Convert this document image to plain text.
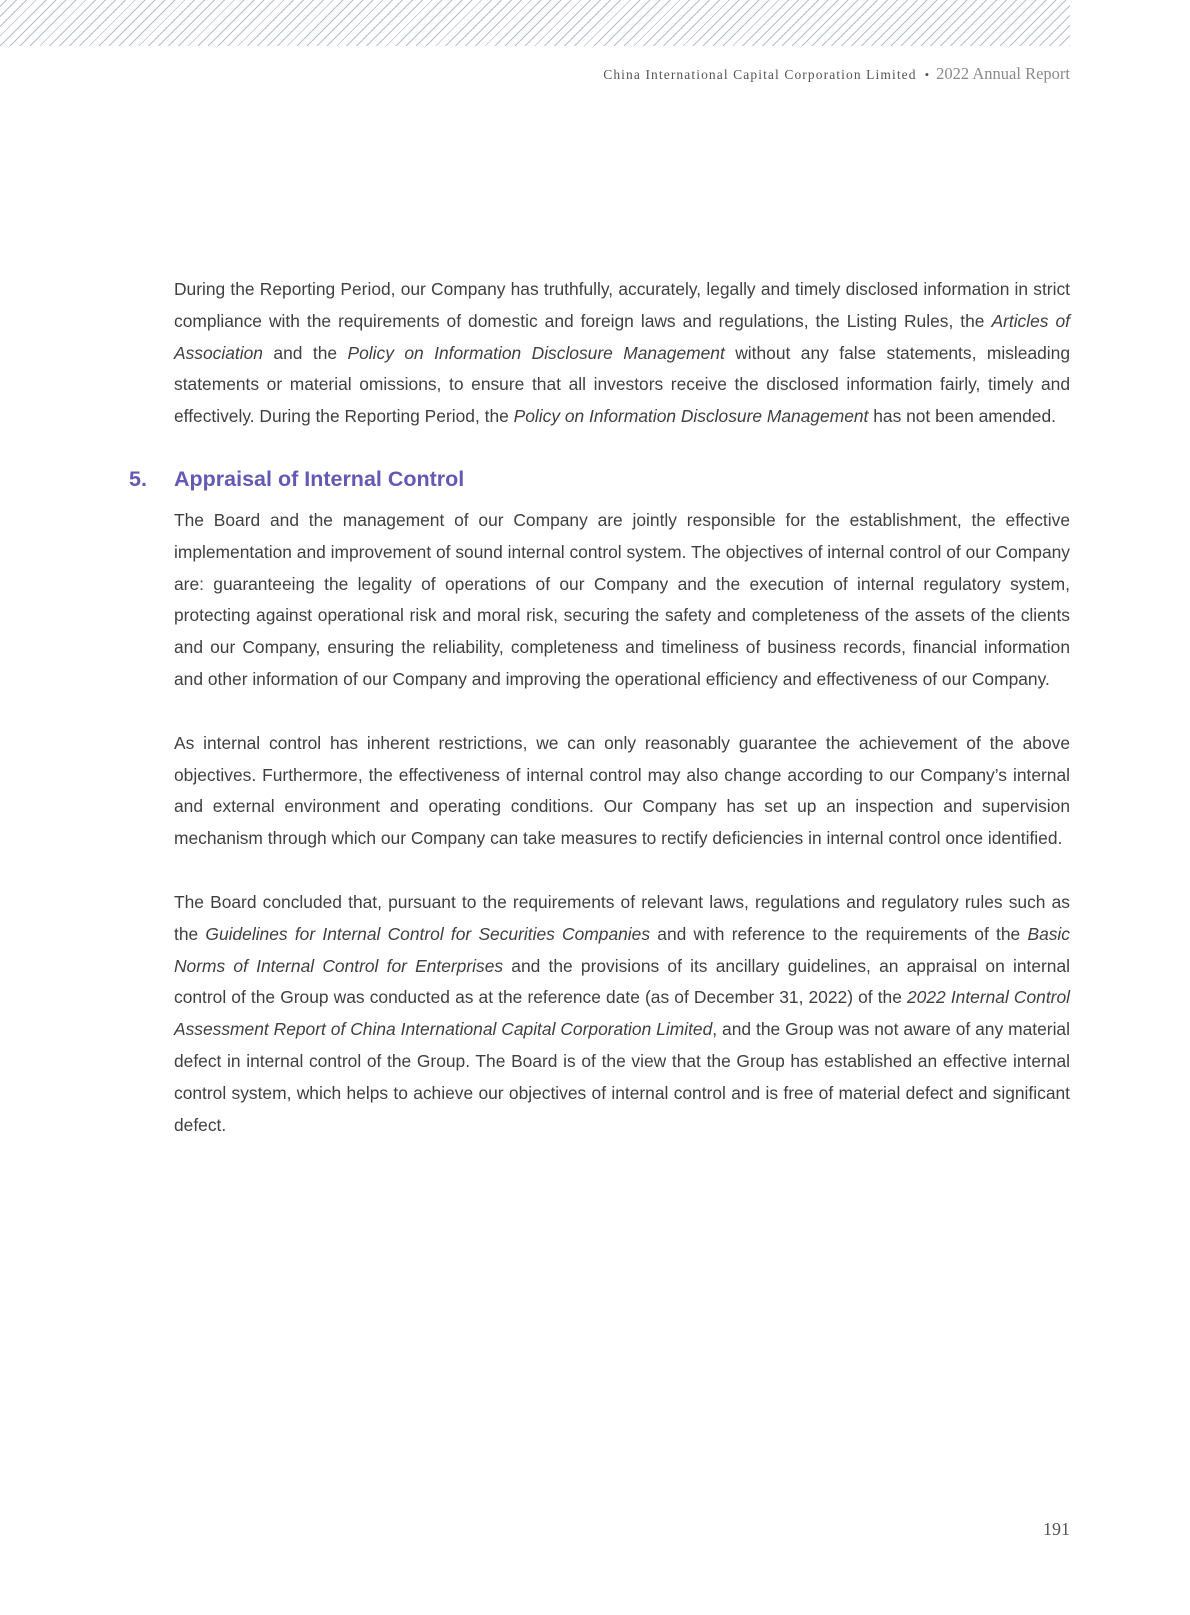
China International Capital Corporation Limited • 2022 Annual Report

During the Reporting Period, our Company has truthfully, accurately, legally and timely disclosed information in strict compliance with the requirements of domestic and foreign laws and regulations, the Listing Rules, the Articles of Association and the Policy on Information Disclosure Management without any false statements, misleading statements or material omissions, to ensure that all investors receive the disclosed information fairly, timely and effectively. During the Reporting Period, the Policy on Information Disclosure Management has not been amended.

5. Appraisal of Internal Control

The Board and the management of our Company are jointly responsible for the establishment, the effective implementation and improvement of sound internal control system. The objectives of internal control of our Company are: guaranteeing the legality of operations of our Company and the execution of internal regulatory system, protecting against operational risk and moral risk, securing the safety and completeness of the assets of the clients and our Company, ensuring the reliability, completeness and timeliness of business records, financial information and other information of our Company and improving the operational efficiency and effectiveness of our Company.

As internal control has inherent restrictions, we can only reasonably guarantee the achievement of the above objectives. Furthermore, the effectiveness of internal control may also change according to our Company’s internal and external environment and operating conditions. Our Company has set up an inspection and supervision mechanism through which our Company can take measures to rectify deficiencies in internal control once identified.

The Board concluded that, pursuant to the requirements of relevant laws, regulations and regulatory rules such as the Guidelines for Internal Control for Securities Companies and with reference to the requirements of the Basic Norms of Internal Control for Enterprises and the provisions of its ancillary guidelines, an appraisal on internal control of the Group was conducted as at the reference date (as of December 31, 2022) of the 2022 Internal Control Assessment Report of China International Capital Corporation Limited, and the Group was not aware of any material defect in internal control of the Group. The Board is of the view that the Group has established an effective internal control system, which helps to achieve our objectives of internal control and is free of material defect and significant defect.

191
